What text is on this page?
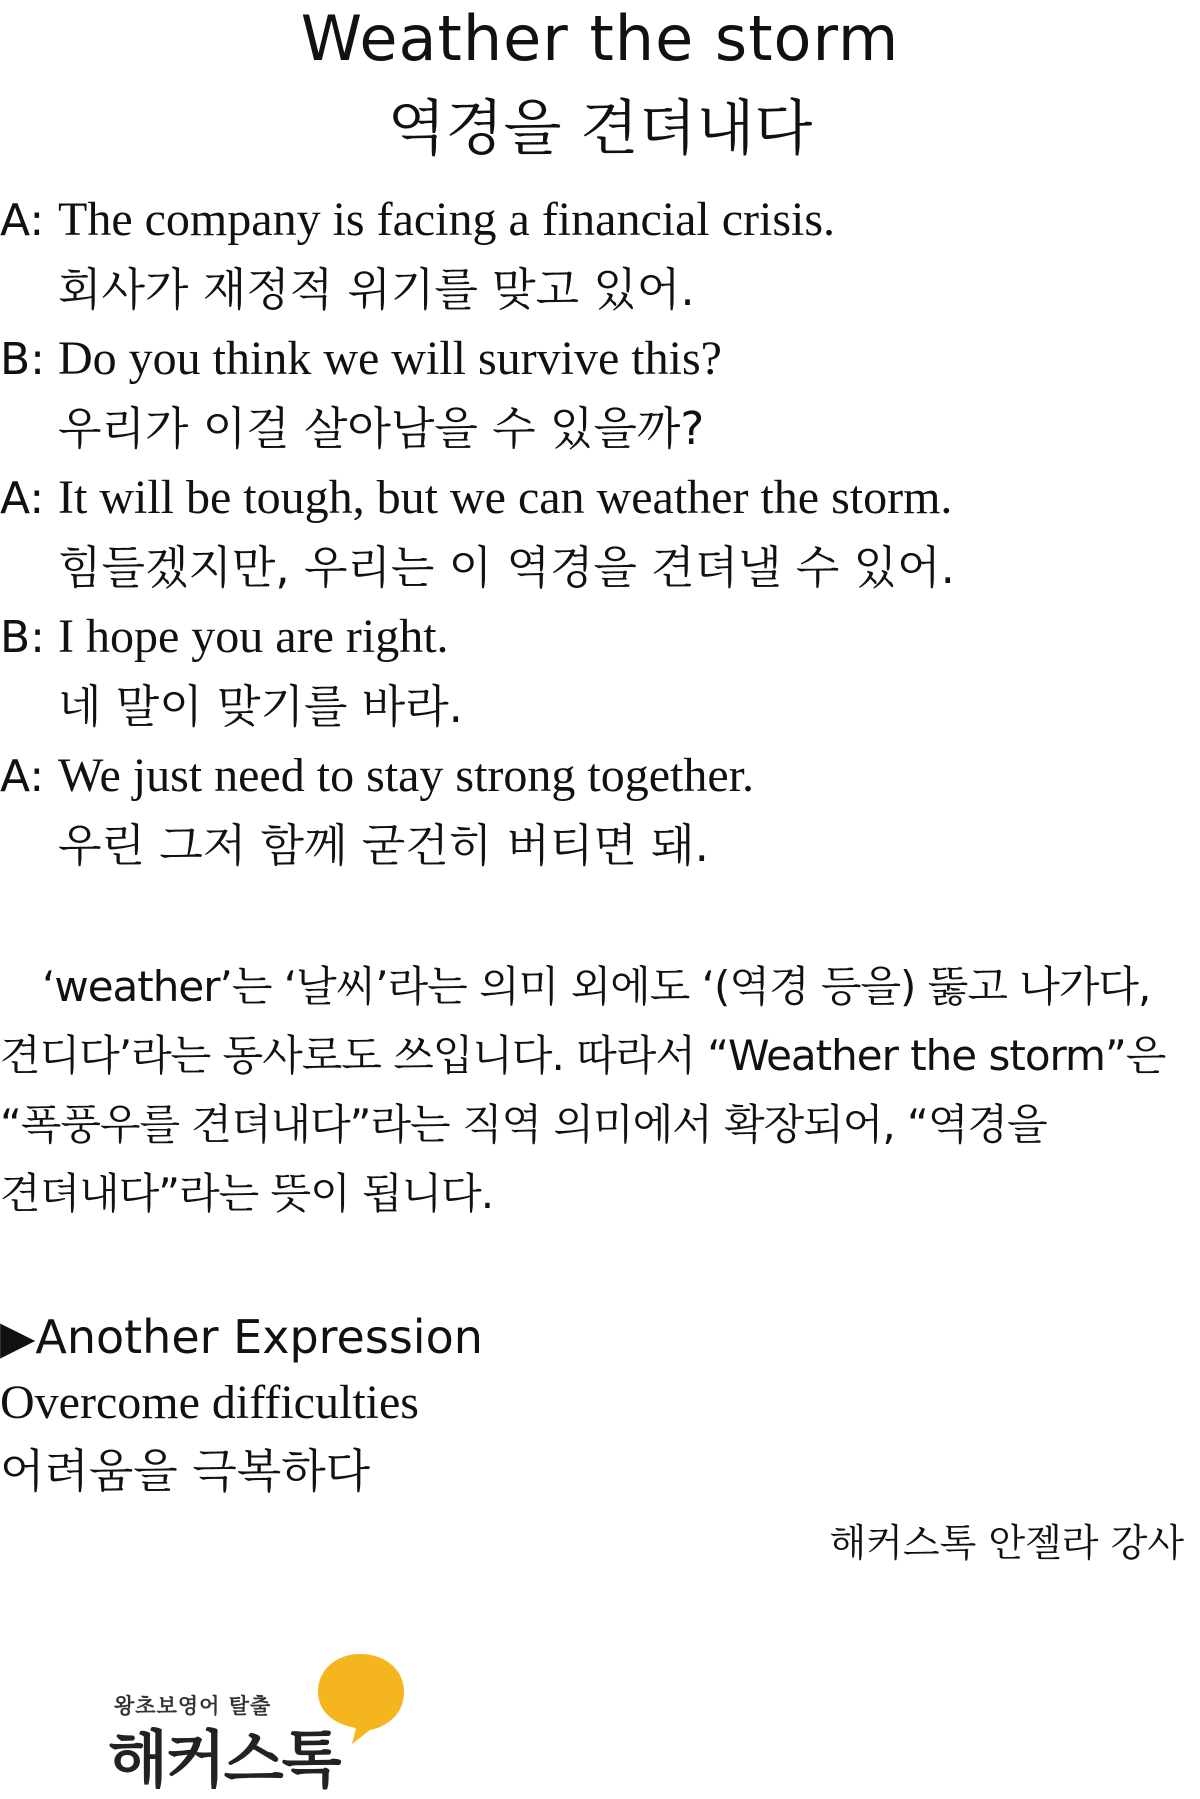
Weather the storm
역경을 견뎌내다
A: The company is facing a financial crisis.
회사가 재정적 위기를 맞고 있어.
B: Do you think we will survive this?
우리가 이걸 살아남을 수 있을까?
A: It will be tough, but we can weather the storm.
힘들겠지만, 우리는 이 역경을 견뎌낼 수 있어.
B: I hope you are right.
네 말이 맞기를 바라.
A: We just need to stay strong together.
우린 그저 함께 굳건히 버티면 돼.
‘weather’는 ‘날씨’라는 의미 외에도 ‘(역경 등을) 뚫고 나가다, 견디다’라는 동사로도 쓰입니다. 따라서 “Weather the storm”은 “폭풍우를 견뎌내다”라는 직역 의미에서 확장되어, “역경을 견뎌내다”라는 뜻이 됩니다.
▶Another Expression
Overcome difficulties
어려움을 극복하다
해커스톡 안젤라 강사
왕초보영어 탈출
해커스톡
